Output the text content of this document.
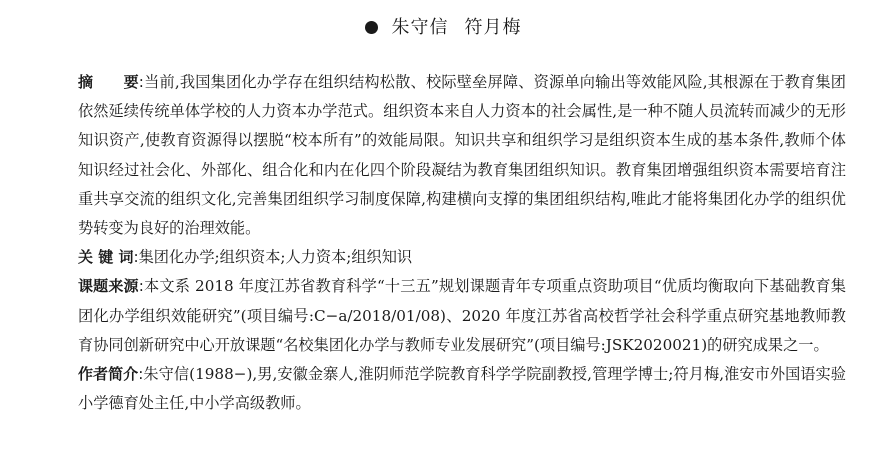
朱守信 符月梅

摘　　要:当前,我国集团化办学存在组织结构松散、校际壁垒屏障、资源单向输出等效能风险,其根源在于教育集团依然延续传统单体学校的人力资本办学范式。组织资本来自人力资本的社会属性,是一种不随人员流转而减少的无形知识资产,使教育资源得以摆脱“校本所有”的效能局限。知识共享和组织学习是组织资本生成的基本条件,教师个体知识经过社会化、外部化、组合化和内在化四个阶段凝结为教育集团组织知识。教育集团增强组织资本需要培育注重共享交流的组织文化,完善集团组织学习制度保障,构建横向支撑的集团组织结构,唯此才能将集团化办学的组织优势转变为良好的治理效能。

关 键 词:集团化办学;组织资本;人力资本;组织知识

课题来源:本文系 2018 年度江苏省教育科学“十三五”规划课题青年专项重点资助项目“优质均衡取向下基础教育集团化办学组织效能研究”(项目编号:C−a/2018/01/08)、2020 年度江苏省高校哲学社会科学重点研究基地教师教育协同创新研究中心开放课题“名校集团化办学与教师专业发展研究”(项目编号:JSK2020021)的研究成果之一。

作者简介:朱守信(1988−),男,安徽金寨人,淮阴师范学院教育科学学院副教授,管理学博士;符月梅,淮安市外国语实验小学德育处主任,中小学高级教师。
